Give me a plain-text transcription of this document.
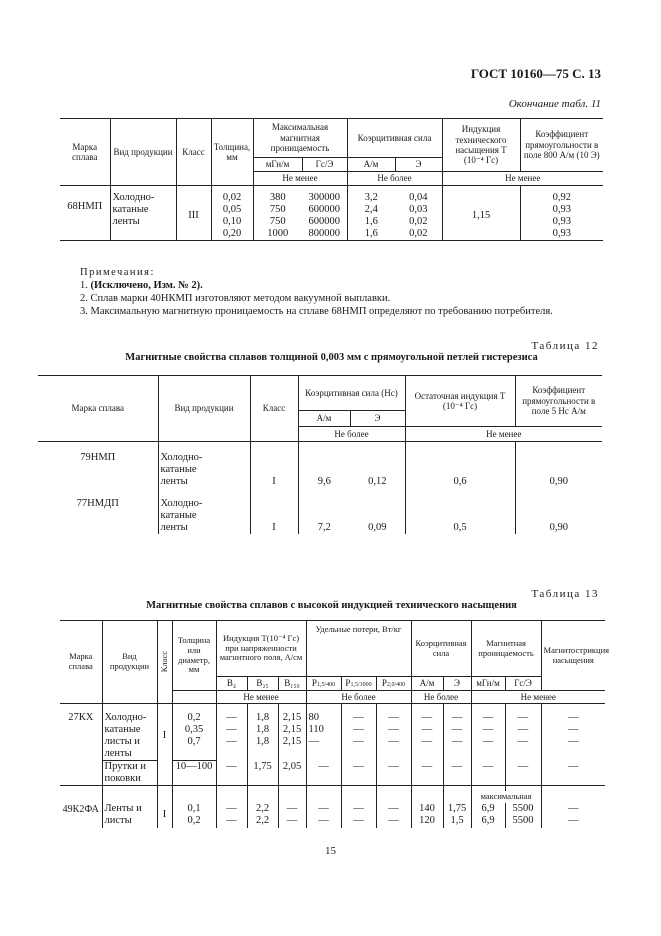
ГОСТ 10160—75 С. 13
Окончание табл. 11
Марка сплава	Вид продукции	Класс	Толщина, мм	Максимальная магнитная проницаемость		Коэрцитивная сила		Индукция технического насыщения Т (10⁻⁴ Гс)	Коэффициент прямоугольности в поле 800 А/м (10 Э)
				мГн/м	Гс/Э	А/м	Э		
				Не менее		Не более		Не менее	

68НМП	Холодно-	III	0,02	380	300000	3,2	0,04	1,15	0,92
	катаные		0,05	750	600000	2,4	0,03		0,93
	ленты		0,10	750	600000	1,6	0,02		0,93
			0,20	1000	800000	1,6	0,02		0,93
Примечания:
1. (Исключено, Изм. № 2).
2. Сплав марки 40НКМП изготовляют методом вакуумной выплавки.
3. Максимальную магнитную проницаемость на сплаве 68НМП определяют по требованию потребителя.
Таблица 12
Магнитные свойства сплавов толщиной 0,003 мм с прямоугольной петлей гистерезиса
Марка сплава	Вид продукции	Класс	Коэрцитивная сила (Нс)		Остаточная индукция Т (10⁻⁴ Гс)	Коэффициент прямоугольности в поле 5 Нс А/м
			А/м	Э		
			Не более		Не менее	

79НМП	Холодно-					
	катаные					
	ленты	I	9,6	0,12	0,6	0,90

77НМДП	Холодно-					
	катаные					
	ленты	I	7,2	0,09	0,5	0,90
Таблица 13
Магнитные свойства сплавов с высокой индукцией технического насыщения
Марка сплава	Вид продукции	Класс	Толщина или диаметр, мм	Индукция Т(10⁻⁴ Гс) при напряженности магнитного поля, А/см			Удельные потери, Вт/кг			Коэрцитивная сила		Магнитная проницаемость		Магнитострикция насыщения
				B₄	B₂₅	B₁₅₀	P1,5/400	P1,5/1000	P2,0/400	А/м	Э	мГн/м	Гс/Э	
				Не менее			Не более			Не более		Не менее		

27КХ	Холодно-	I	0,2	—	1,8	2,15	80	—	—	—	—	—	—	—
	катаные		0,35	—	1,8	2,15	110	—	—	—	—	—	—	—
	листы и		0,7	—	1,8	2,15	—	—	—	—	—	—	—	—
	ленты													
	Прутки и		10—100	—	1,75	2,05	—	—	—	—	—	—	—	—
	поковки													

												максимальная		
49К2ФА	Ленты и	I	0,1	—	2,2	—	—	—	—	140	1,75	6,9	5500	—
	листы		0,2	—	2,2	—	—	—	—	120	1,5	6,9	5500	—
15
